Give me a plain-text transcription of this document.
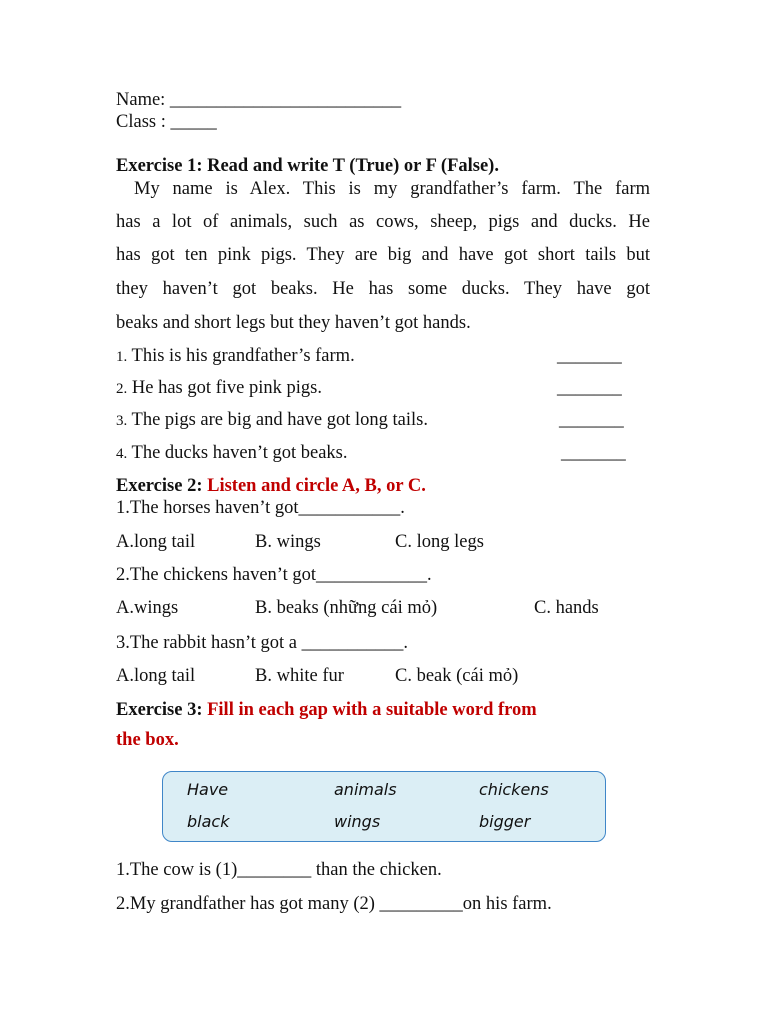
Name: _________________________
Class : _____
Exercise 1: Read and write T (True) or F (False).
My name is Alex. This is my grandfather’s farm. The farm
has a lot of animals, such as cows, sheep, pigs and ducks. He
has got ten pink pigs. They are big and have got short tails but
they haven’t got beaks. He has some ducks. They have got
beaks and short legs but they haven’t got hands.
1. This is his grandfather’s farm.	_______
2. He has got five pink pigs.	_______
3. The pigs are big and have got long tails.	_______
4. The ducks haven’t got beaks.	_______
Exercise 2: Listen and circle A, B, or C.
1.The horses haven’t got___________.
A.long tail	B. wings	C. long legs
2.The chickens haven’t got____________.
A.wings	B. beaks (những cái mỏ)	C. hands
3.The rabbit hasn’t got a ___________.
A.long tail	B. white fur	C. beak (cái mỏ)
Exercise 3: Fill in each gap with a suitable word from
the box.
Have	animals	chickens
black	wings	bigger
1.The cow is (1)________ than the chicken.
2.My grandfather has got many (2) _________on his farm.
